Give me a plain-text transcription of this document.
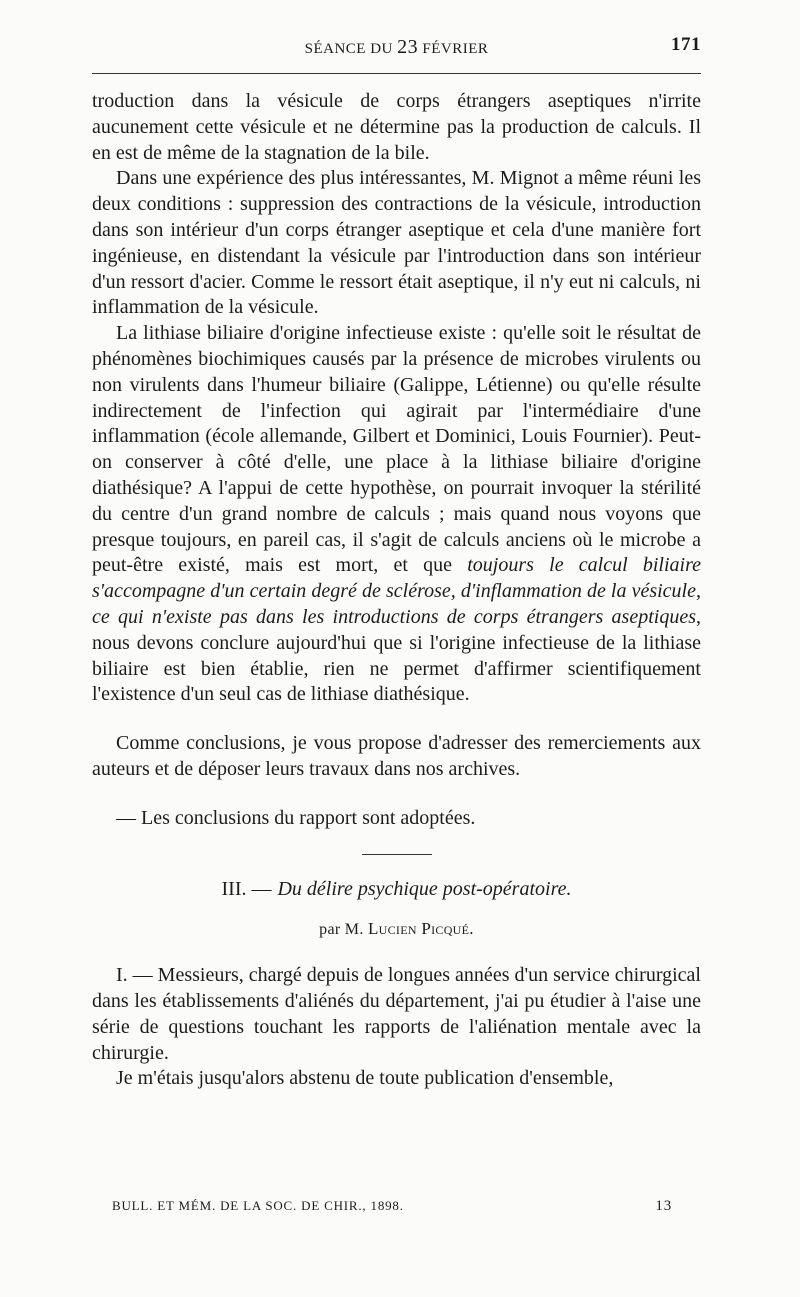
SÉANCE DU 23 FÉVRIER	171

troduction dans la vésicule de corps étrangers aseptiques n'irrite aucunement cette vésicule et ne détermine pas la production de calculs. Il en est de même de la stagnation de la bile.

Dans une expérience des plus intéressantes, M. Mignot a même réuni les deux conditions : suppression des contractions de la vésicule, introduction dans son intérieur d'un corps étranger aseptique et cela d'une manière fort ingénieuse, en distendant la vésicule par l'introduction dans son intérieur d'un ressort d'acier. Comme le ressort était aseptique, il n'y eut ni calculs, ni inflammation de la vésicule.

La lithiase biliaire d'origine infectieuse existe : qu'elle soit le résultat de phénomènes biochimiques causés par la présence de microbes virulents ou non virulents dans l'humeur biliaire (Galippe, Létienne) ou qu'elle résulte indirectement de l'infection qui agirait par l'intermédiaire d'une inflammation (école allemande, Gilbert et Dominici, Louis Fournier). Peut-on conserver à côté d'elle, une place à la lithiase biliaire d'origine diathésique? A l'appui de cette hypothèse, on pourrait invoquer la stérilité du centre d'un grand nombre de calculs ; mais quand nous voyons que presque toujours, en pareil cas, il s'agit de calculs anciens où le microbe a peut-être existé, mais est mort, et que toujours le calcul biliaire s'accompagne d'un certain degré de sclérose, d'inflammation de la vésicule, ce qui n'existe pas dans les introductions de corps étrangers aseptiques, nous devons conclure aujourd'hui que si l'origine infectieuse de la lithiase biliaire est bien établie, rien ne permet d'affirmer scientifiquement l'existence d'un seul cas de lithiase diathésique.

Comme conclusions, je vous propose d'adresser des remerciements aux auteurs et de déposer leurs travaux dans nos archives.

— Les conclusions du rapport sont adoptées.

III. — Du délire psychique post-opératoire.
par M. Lucien Picqué.

I. — Messieurs, chargé depuis de longues années d'un service chirurgical dans les établissements d'aliénés du département, j'ai pu étudier à l'aise une série de questions touchant les rapports de l'aliénation mentale avec la chirurgie.

Je m'étais jusqu'alors abstenu de toute publication d'ensemble,

BULL. ET MÉM. DE LA SOC. DE CHIR., 1898.	13
